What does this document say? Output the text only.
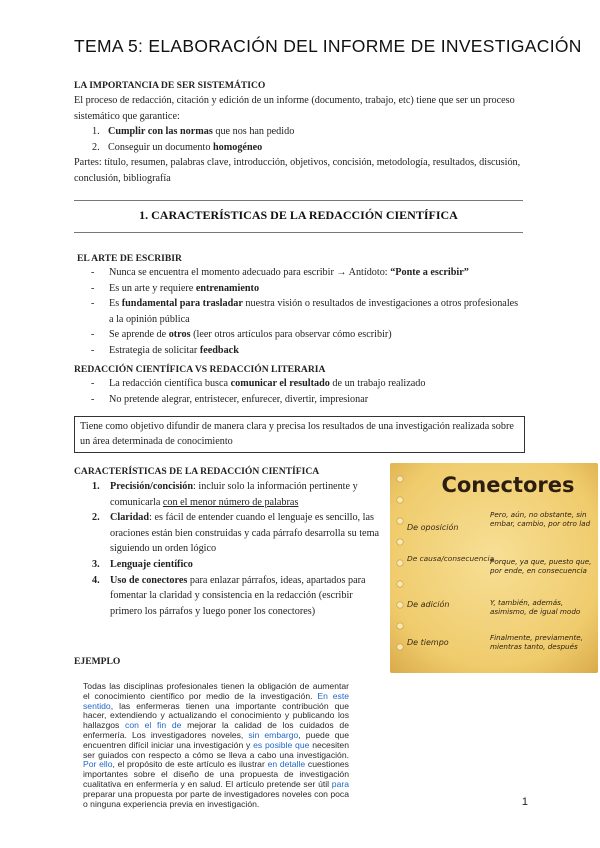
TEMA 5: ELABORACIÓN DEL INFORME DE INVESTIGACIÓN
LA IMPORTANCIA DE SER SISTEMÁTICO
El proceso de redacción, citación y edición de un informe (documento, trabajo, etc) tiene que ser un proceso sistemático que garantice:
1. Cumplir con las normas que nos han pedido
2. Conseguir un documento homogéneo
Partes: título, resumen, palabras clave, introducción, objetivos, concisión, metodología, resultados, discusión, conclusión, bibliografía
1. CARACTERÍSTICAS DE LA REDACCIÓN CIENTÍFICA
EL ARTE DE ESCRIBIR
- Nunca se encuentra el momento adecuado para escribir → Antídoto: “Ponte a escribir”
- Es un arte y requiere entrenamiento
- Es fundamental para trasladar nuestra visión o resultados de investigaciones a otros profesionales a la opinión pública
- Se aprende de otros (leer otros artículos para observar cómo escribir)
- Estrategia de solicitar feedback
REDACCIÓN CIENTÍFICA VS REDACCIÓN LITERARIA
- La redacción científica busca comunicar el resultado de un trabajo realizado
- No pretende alegrar, entristecer, enfurecer, divertir, impresionar
Tiene como objetivo difundir de manera clara y precisa los resultados de una investigación realizada sobre un área determinada de conocimiento
CARACTERÍSTICAS DE LA REDACCIÓN CIENTÍFICA
1. Precisión/concisión: incluir solo la información pertinente y comunicarla con el menor número de palabras
2. Claridad: es fácil de entender cuando el lenguaje es sencillo, las oraciones están bien construidas y cada párrafo desarrolla su tema siguiendo un orden lógico
3. Lenguaje científico
4. Uso de conectores para enlazar párrafos, ideas, apartados para fomentar la claridad y consistencia en la redacción (escribir primero los párrafos y luego poner los conectores)
EJEMPLO
Todas las disciplinas profesionales tienen la obligación de aumentar el conocimiento científico por medio de la investigación. En este sentido, las enfermeras tienen una importante contribución que hacer, extendiendo y actualizando el conocimiento y publicando los hallazgos con el fin de mejorar la calidad de los cuidados de enfermería. Los investigadores noveles, sin embargo, puede que encuentren difícil iniciar una investigación y es posible que necesiten ser guiados con respecto a cómo se lleva a cabo una investigación. Por ello, el propósito de este artículo es ilustrar en detalle cuestiones importantes sobre el diseño de una propuesta de investigación cualitativa en enfermería y en salud. El artículo pretende ser útil para preparar una propuesta por parte de investigadores noveles con poca o ninguna experiencia previa en investigación.
Conectores
De oposición
De causa/consecuencia
De adición
De tiempo
Pero, aún, no obstante, sin embar, cambio, por otro lad
Porque, ya que, puesto que, por ende, en consecuencia
Y, también, además, asimismo, de igual modo
Finalmente, previamente, mientras tanto, después
1
